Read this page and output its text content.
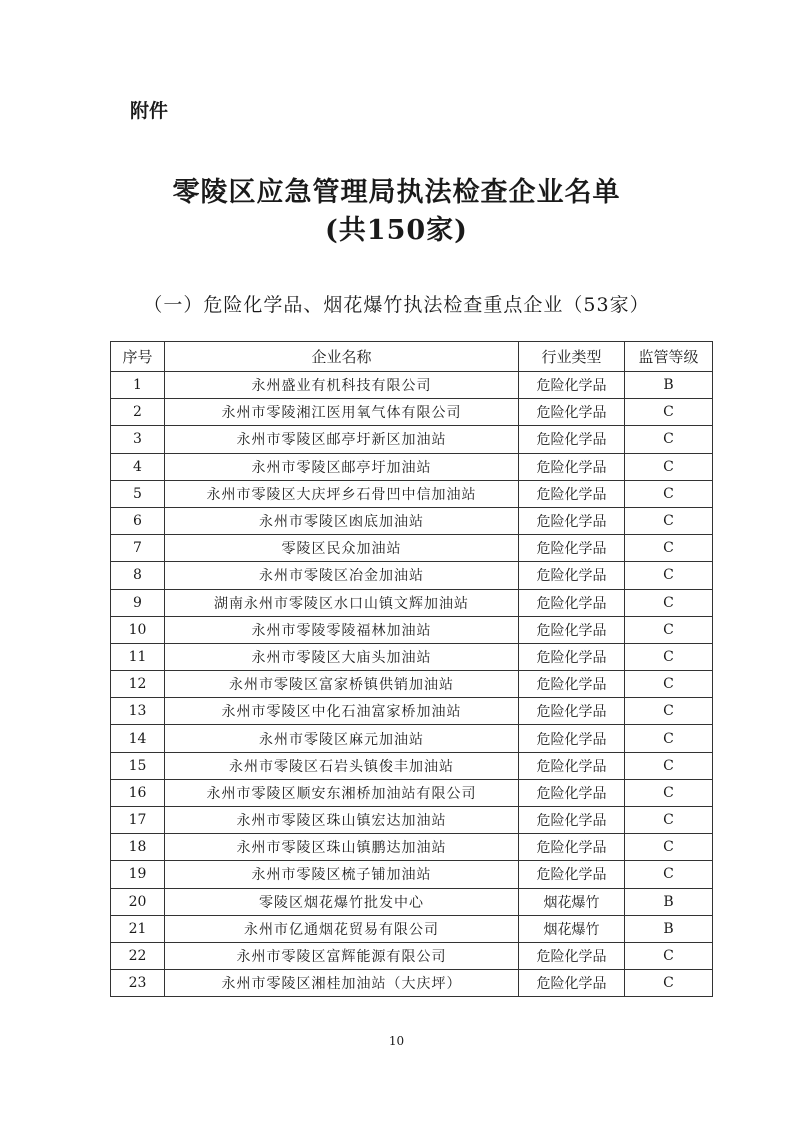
附件
零陵区应急管理局执法检查企业名单
(共150家)
（一）危险化学品、烟花爆竹执法检查重点企业（53家）
序号	企业名称	行业类型	监管等级
1	永州盛业有机科技有限公司	危险化学品	B
2	永州市零陵湘江医用氧气体有限公司	危险化学品	C
3	永州市零陵区邮亭圩新区加油站	危险化学品	C
4	永州市零陵区邮亭圩加油站	危险化学品	C
5	永州市零陵区大庆坪乡石骨凹中信加油站	危险化学品	C
6	永州市零陵区凼底加油站	危险化学品	C
7	零陵区民众加油站	危险化学品	C
8	永州市零陵区冶金加油站	危险化学品	C
9	湖南永州市零陵区水口山镇文辉加油站	危险化学品	C
10	永州市零陵零陵福林加油站	危险化学品	C
11	永州市零陵区大庙头加油站	危险化学品	C
12	永州市零陵区富家桥镇供销加油站	危险化学品	C
13	永州市零陵区中化石油富家桥加油站	危险化学品	C
14	永州市零陵区麻元加油站	危险化学品	C
15	永州市零陵区石岩头镇俊丰加油站	危险化学品	C
16	永州市零陵区顺安东湘桥加油站有限公司	危险化学品	C
17	永州市零陵区珠山镇宏达加油站	危险化学品	C
18	永州市零陵区珠山镇鹏达加油站	危险化学品	C
19	永州市零陵区梳子铺加油站	危险化学品	C
20	零陵区烟花爆竹批发中心	烟花爆竹	B
21	永州市亿通烟花贸易有限公司	烟花爆竹	B
22	永州市零陵区富辉能源有限公司	危险化学品	C
23	永州市零陵区湘桂加油站（大庆坪）	危险化学品	C
10
